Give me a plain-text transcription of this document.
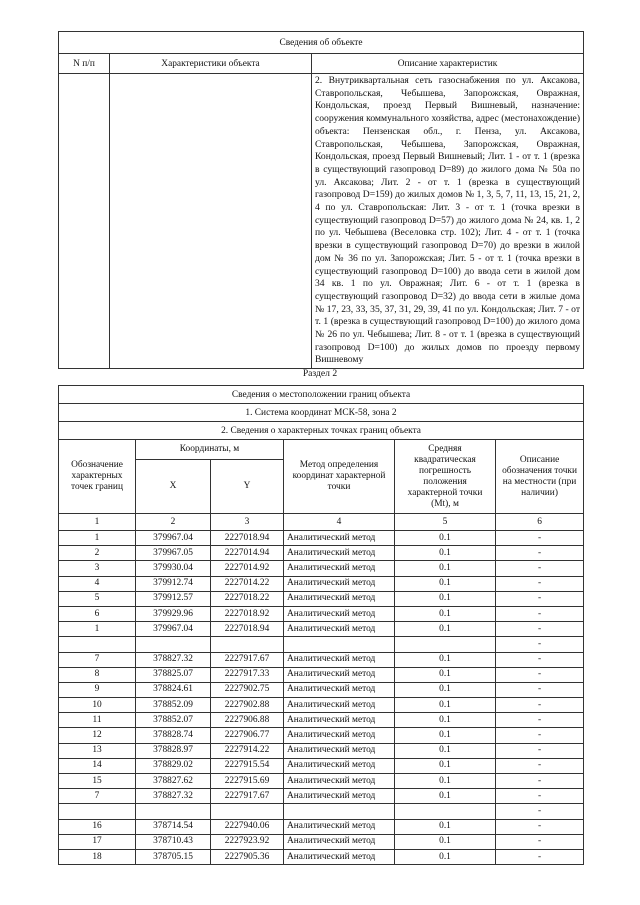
Сведения об объекте		
N п/п	Характеристики объекта	Описание характеристик
		2. Внутриквартальная сеть газоснабжения по ул. Аксакова, Ставропольская, Чебышева, Запорожская, Овражная, Кондольская, проезд Первый Вишневый, назначение: сооружения коммунального хозяйства, адрес (местонахождение) объекта: Пензенская обл., г. Пенза, ул. Аксакова, Ставропольская, Чебышева, Запорожская, Овражная, Кондольская, проезд Первый Вишневый; Лит. 1 - от т. 1 (врезка в существующий газопровод D=89) до жилого дома № 50а по ул. Аксакова; Лит. 2 - от т. 1 (врезка в существующий газопровод D=159) до жилых домов № 1, 3, 5, 7, 11, 13, 15, 21, 2, 4 по ул. Ставропольская: Лит. 3 - от т. 1 (точка врезки в существующий газопровод D=57) до жилого дома № 24, кв. 1, 2 по ул. Чебышева (Веселовка стр. 102); Лит. 4 - от т. 1 (точка врезки в существующий газопровод D=70) до врезки в жилой дом № 36 по ул. Запорожская; Лит. 5 - от т. 1 (точка врезки в существующий газопровод D=100) до ввода сети в жилой дом 34 кв. 1 по ул. Овражная; Лит. 6 - от т. 1 (врезка в существующий газопровод D=32) до ввода сети в жилые дома № 17, 23, 33, 35, 37, 31, 29, 39, 41 по ул. Кондольская; Лит. 7 - от т. 1 (врезка в существующий газопровод D=100) до жилого дома № 26 по ул. Чебышева; Лит. 8 - от т. 1 (врезка в существующий газопровод D=100) до жилых домов по проезду первому Вишневому
Раздел 2
Сведения о местоположении границ объекта					
1. Система координат МСК-58, зона 2					
2. Сведения о характерных точках границ объекта					
Обозначение характерных точек границ	Координаты, м		Метод определения координат характерной точки	Средняя квадратическая погрешность положения характерной точки (Mt), м	Описание обозначения точки на местности (при наличии)
	X	Y			
1	2	3	4	5	6
1	379967.04	2227018.94	Аналитический метод	0.1	-
2	379967.05	2227014.94	Аналитический метод	0.1	-
3	379930.04	2227014.92	Аналитический метод	0.1	-
4	379912.74	2227014.22	Аналитический метод	0.1	-
5	379912.57	2227018.22	Аналитический метод	0.1	-
6	379929.96	2227018.92	Аналитический метод	0.1	-
1	379967.04	2227018.94	Аналитический метод	0.1	-
					-
7	378827.32	2227917.67	Аналитический метод	0.1	-
8	378825.07	2227917.33	Аналитический метод	0.1	-
9	378824.61	2227902.75	Аналитический метод	0.1	-
10	378852.09	2227902.88	Аналитический метод	0.1	-
11	378852.07	2227906.88	Аналитический метод	0.1	-
12	378828.74	2227906.77	Аналитический метод	0.1	-
13	378828.97	2227914.22	Аналитический метод	0.1	-
14	378829.02	2227915.54	Аналитический метод	0.1	-
15	378827.62	2227915.69	Аналитический метод	0.1	-
7	378827.32	2227917.67	Аналитический метод	0.1	-
					-
16	378714.54	2227940.06	Аналитический метод	0.1	-
17	378710.43	2227923.92	Аналитический метод	0.1	-
18	378705.15	2227905.36	Аналитический метод	0.1	-
